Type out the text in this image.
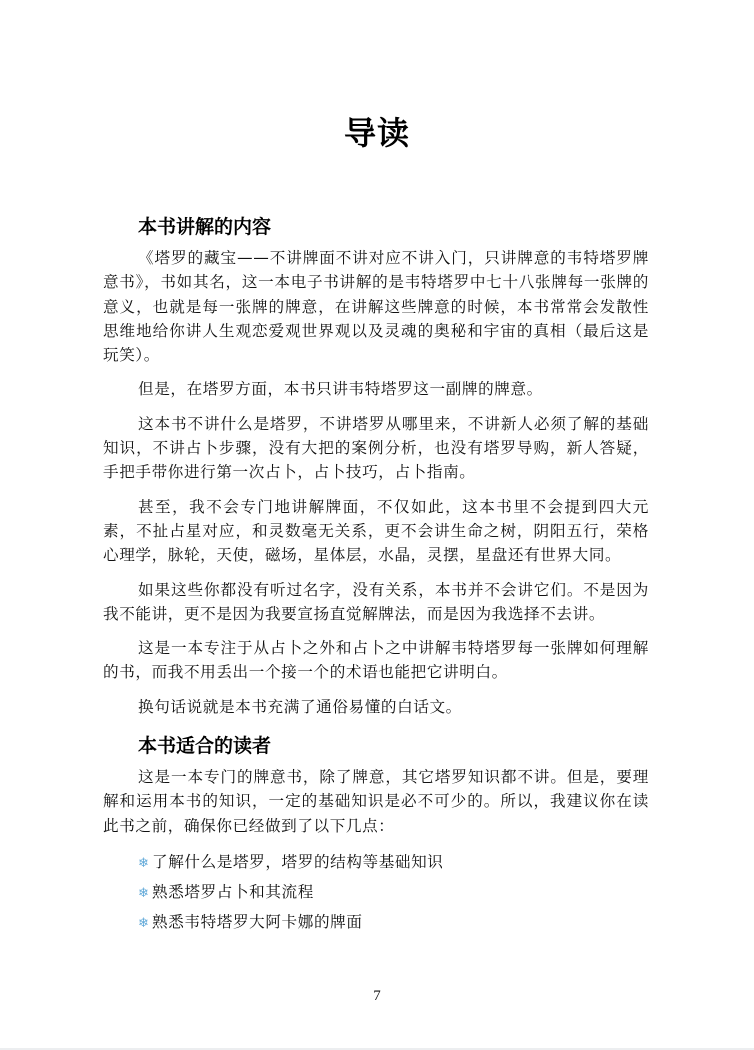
导读
本书讲解的内容

《塔罗的藏宝——不讲牌面不讲对应不讲入门，只讲牌意的韦特塔罗牌意书》，书如其名，这一本电子书讲解的是韦特塔罗中七十八张牌每一张牌的意义，也就是每一张牌的牌意，在讲解这些牌意的时候，本书常常会发散性思维地给你讲人生观恋爱观世界观以及灵魂的奥秘和宇宙的真相（最后这是玩笑）。

但是，在塔罗方面，本书只讲韦特塔罗这一副牌的牌意。

这本书不讲什么是塔罗，不讲塔罗从哪里来，不讲新人必须了解的基础知识，不讲占卜步骤，没有大把的案例分析，也没有塔罗导购，新人答疑，手把手带你进行第一次占卜，占卜技巧，占卜指南。

甚至，我不会专门地讲解牌面，不仅如此，这本书里不会提到四大元素，不扯占星对应，和灵数毫无关系，更不会讲生命之树，阴阳五行，荣格心理学，脉轮，天使，磁场，星体层，水晶，灵摆，星盘还有世界大同。

如果这些你都没有听过名字，没有关系，本书并不会讲它们。不是因为我不能讲，更不是因为我要宣扬直觉解牌法，而是因为我选择不去讲。

这是一本专注于从占卜之外和占卜之中讲解韦特塔罗每一张牌如何理解的书，而我不用丢出一个接一个的术语也能把它讲明白。

换句话说就是本书充满了通俗易懂的白话文。

本书适合的读者

这是一本专门的牌意书，除了牌意，其它塔罗知识都不讲。但是，要理解和运用本书的知识，一定的基础知识是必不可少的。所以，我建议你在读此书之前，确保你已经做到了以下几点：

❄ 了解什么是塔罗，塔罗的结构等基础知识
❄ 熟悉塔罗占卜和其流程
❄ 熟悉韦特塔罗大阿卡娜的牌面
7
